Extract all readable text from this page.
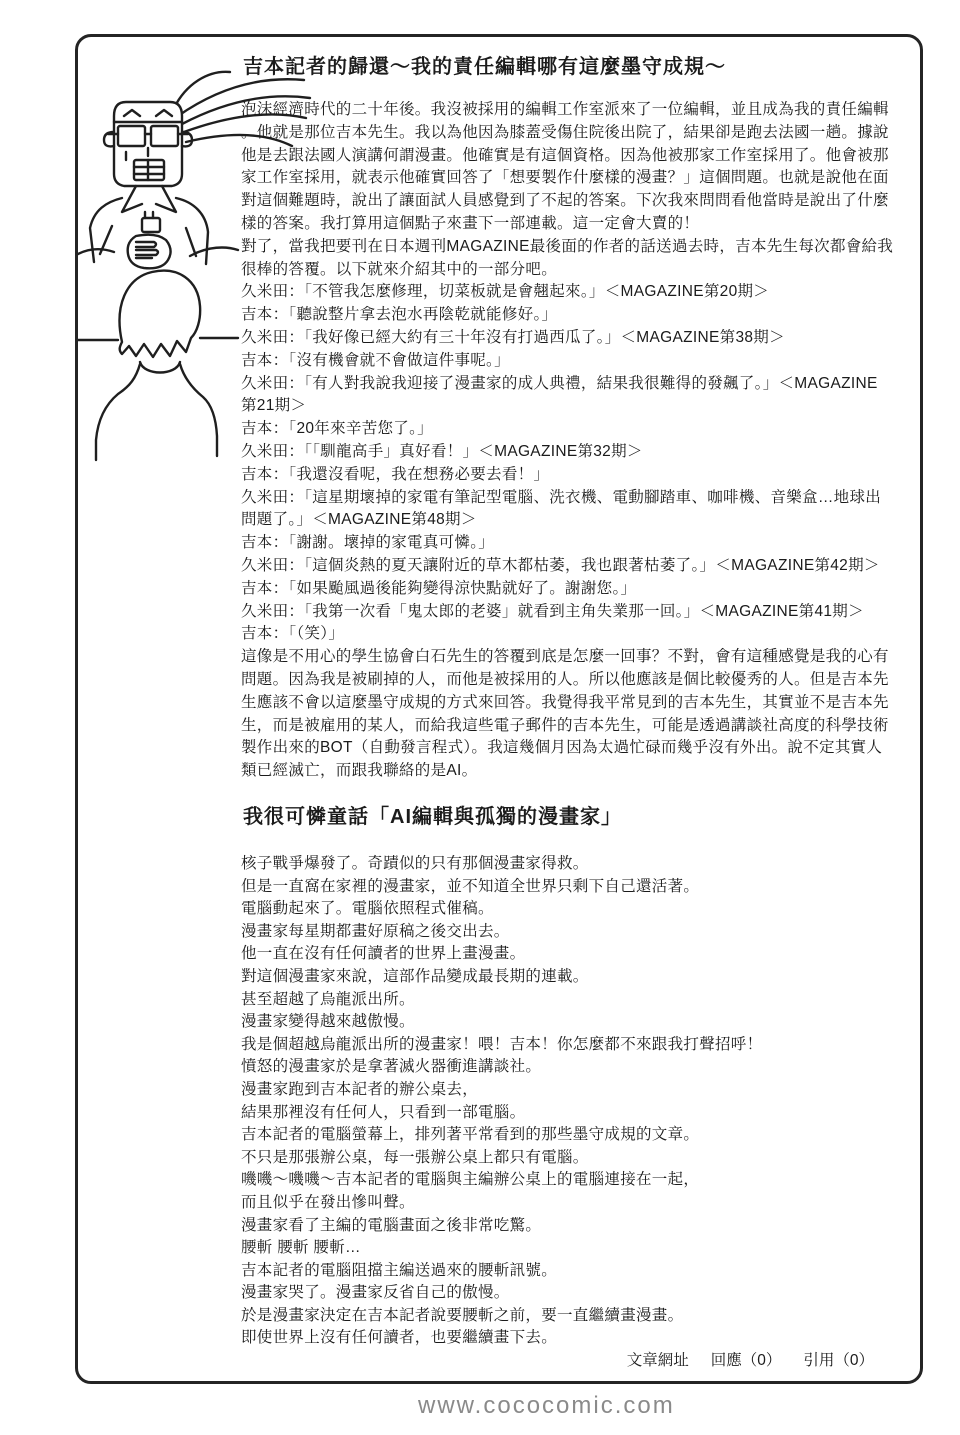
吉本記者的歸還～我的責任編輯哪有這麼墨守成規～
泡沫經濟時代的二十年後。我沒被採用的編輯工作室派來了一位編輯，並且成為我的責任編輯
。他就是那位吉本先生。我以為他因為膝蓋受傷住院後出院了，結果卻是跑去法國一趟。據說
他是去跟法國人演講何謂漫畫。他確實是有這個資格。因為他被那家工作室採用了。他會被那
家工作室採用，就表示他確實回答了「想要製作什麼樣的漫畫？」這個問題。也就是說他在面
對這個難題時，說出了讓面試人員感覺到了不起的答案。下次我來問問看他當時是說出了什麼
樣的答案。我打算用這個點子來畫下一部連載。這一定會大賣的！
對了，當我把要刊在日本週刊MAGAZINE最後面的作者的話送過去時，吉本先生每次都會給我
很棒的答覆。以下就來介紹其中的一部分吧。
久米田：「不管我怎麼修理，切菜板就是會翹起來。」＜MAGAZINE第20期＞
吉本：「聽說整片拿去泡水再陰乾就能修好。」
久米田：「我好像已經大約有三十年沒有打過西瓜了。」＜MAGAZINE第38期＞
吉本：「沒有機會就不會做這件事呢。」
久米田：「有人對我說我迎接了漫畫家的成人典禮，結果我很難得的發飆了。」＜MAGAZINE
第21期＞
吉本：「20年來辛苦您了。」
久米田：「「馴龍高手」真好看！」＜MAGAZINE第32期＞
吉本：「我還沒看呢，我在想務必要去看！」
久米田：「這星期壞掉的家電有筆記型電腦、洗衣機、電動腳踏車、咖啡機、音樂盒…地球出
問題了。」＜MAGAZINE第48期＞
吉本：「謝謝。壞掉的家電真可憐。」
久米田：「這個炎熱的夏天讓附近的草木都枯萎，我也跟著枯萎了。」＜MAGAZINE第42期＞
吉本：「如果颱風過後能夠變得涼快點就好了。謝謝您。」
久米田：「我第一次看「鬼太郎的老婆」就看到主角失業那一回。」＜MAGAZINE第41期＞
吉本：「（笑）」
這像是不用心的學生協會白石先生的答覆到底是怎麼一回事？不對，會有這種感覺是我的心有
問題。因為我是被刷掉的人，而他是被採用的人。所以他應該是個比較優秀的人。但是吉本先
生應該不會以這麼墨守成規的方式來回答。我覺得我平常見到的吉本先生，其實並不是吉本先
生，而是被雇用的某人，而給我這些電子郵件的吉本先生，可能是透過講談社高度的科學技術
製作出來的BOT（自動發言程式）。我這幾個月因為太過忙碌而幾乎沒有外出。說不定其實人
類已經滅亡，而跟我聯絡的是AI。
我很可憐童話「AI編輯與孤獨的漫畫家」
核子戰爭爆發了。奇蹟似的只有那個漫畫家得救。
但是一直窩在家裡的漫畫家，並不知道全世界只剩下自己還活著。
電腦動起來了。電腦依照程式催稿。
漫畫家每星期都畫好原稿之後交出去。
他一直在沒有任何讀者的世界上畫漫畫。
對這個漫畫家來說，這部作品變成最長期的連載。
甚至超越了烏龍派出所。
漫畫家變得越來越傲慢。
我是個超越烏龍派出所的漫畫家！喂！吉本！你怎麼都不來跟我打聲招呼！
憤怒的漫畫家於是拿著滅火器衝進講談社。
漫畫家跑到吉本記者的辦公桌去，
結果那裡沒有任何人，只看到一部電腦。
吉本記者的電腦螢幕上，排列著平常看到的那些墨守成規的文章。
不只是那張辦公桌，每一張辦公桌上都只有電腦。
嘰嘰～嘰嘰～吉本記者的電腦與主編辦公桌上的電腦連接在一起，
而且似乎在發出慘叫聲。
漫畫家看了主編的電腦畫面之後非常吃驚。
腰斬 腰斬 腰斬…
吉本記者的電腦阻擋主編送過來的腰斬訊號。
漫畫家哭了。漫畫家反省自己的傲慢。
於是漫畫家決定在吉本記者說要腰斬之前，要一直繼續畫漫畫。
即使世界上沒有任何讀者，也要繼續畫下去。
文章網址 回應（0） 引用（0）
www.cococomic.com
